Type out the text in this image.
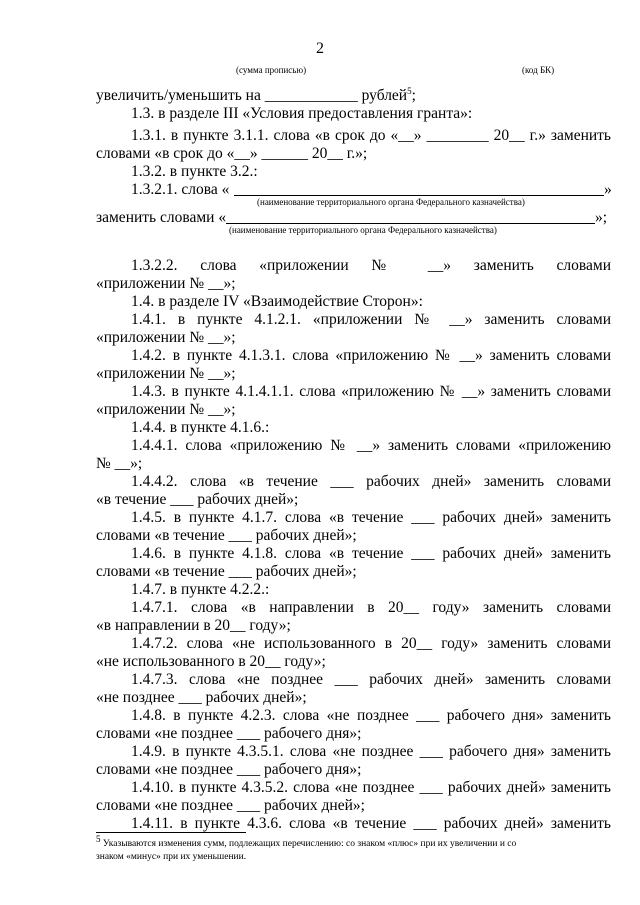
2
(сумма прописью)	(код БК)
увеличить/уменьшить на ____________ рублей$^5$;
1.3. в разделе III «Условия предоставления гранта»:
1.3.1. в пункте 3.1.1. слова «в срок до «__» ________ 20__ г.» заменить
словами «в срок до «__» ______ 20__ г.»;
1.3.2. в пункте 3.2.:
1.3.2.1. слова «	»
(наименование территориального органа Федерального казначейства)
заменить словами «	»;
(наименование территориального органа Федерального казначейства)
1.3.2.2. слова «приложении № __» заменить словами
«приложении № __»;
1.4. в разделе IV «Взаимодействие Сторон»:
1.4.1. в пункте 4.1.2.1. «приложении № __» заменить словами
«приложении № __»;
1.4.2. в пункте 4.1.3.1. слова «приложению № __» заменить словами
«приложении № __»;
1.4.3. в пункте 4.1.4.1.1. слова «приложению № __» заменить словами
«приложении № __»;
1.4.4. в пункте 4.1.6.:
1.4.4.1. слова «приложению № __» заменить словами «приложению
№ __»;
1.4.4.2. слова «в течение ___ рабочих дней» заменить словами
«в течение ___ рабочих дней»;
1.4.5. в пункте 4.1.7. слова «в течение ___ рабочих дней» заменить
словами «в течение ___ рабочих дней»;
1.4.6. в пункте 4.1.8. слова «в течение ___ рабочих дней» заменить
словами «в течение ___ рабочих дней»;
1.4.7. в пункте 4.2.2.:
1.4.7.1. слова «в направлении в 20__ году» заменить словами
«в направлении в 20__ году»;
1.4.7.2. слова «не использованного в 20__ году» заменить словами
«не использованного в 20__ году»;
1.4.7.3. слова «не позднее ___ рабочих дней» заменить словами
«не позднее ___ рабочих дней»;
1.4.8. в пункте 4.2.3. слова «не позднее ___ рабочего дня» заменить
словами «не позднее ___ рабочего дня»;
1.4.9. в пункте 4.3.5.1. слова «не позднее ___ рабочего дня» заменить
словами «не позднее ___ рабочего дня»;
1.4.10. в пункте 4.3.5.2. слова «не позднее ___ рабочих дней» заменить
словами «не позднее ___ рабочих дней»;
1.4.11. в пункте 4.3.6. слова «в течение ___ рабочих дней» заменить
$^5$ Указываются изменения сумм, подлежащих перечислению: со знаком «плюс» при их увеличении и со
знаком «минус» при их уменьшении.
